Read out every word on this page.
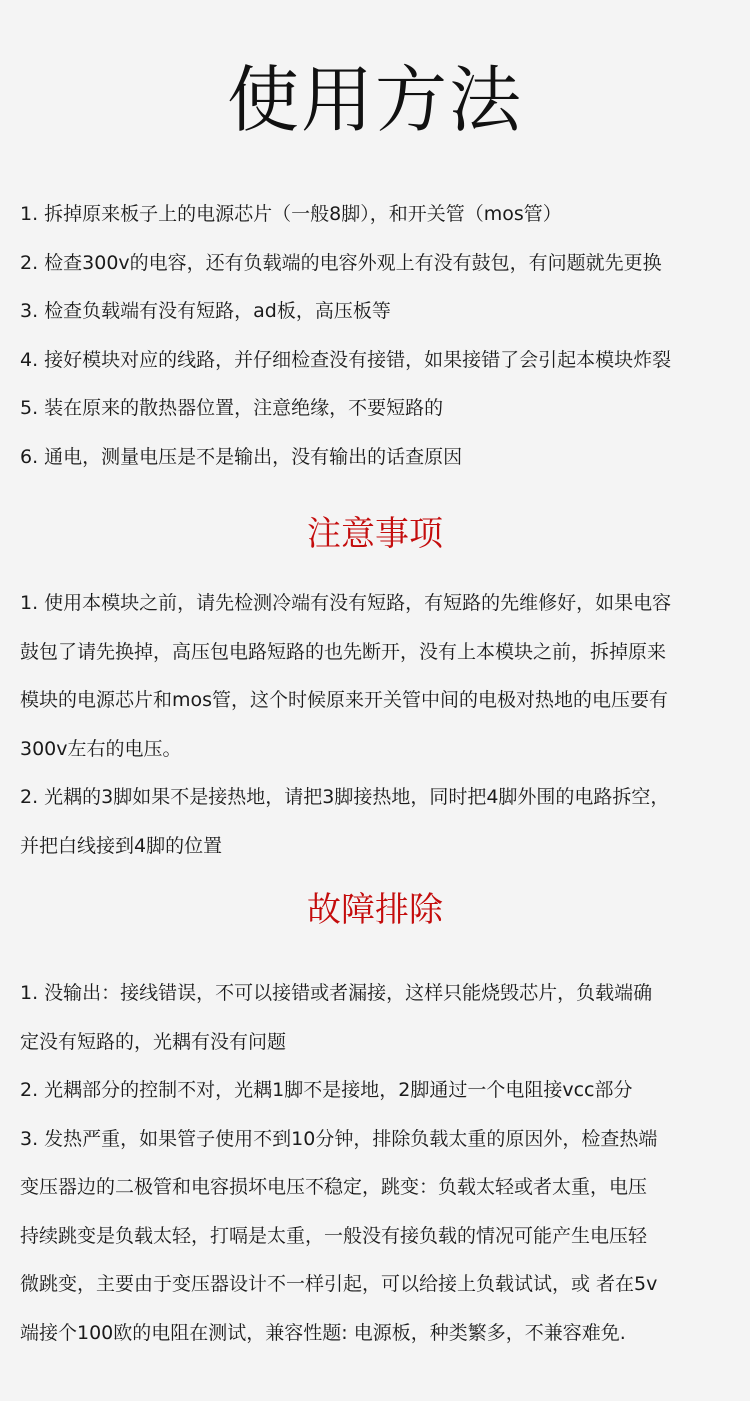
使用方法

1. 拆掉原来板子上的电源芯片（一般8脚），和开关管（mos管）

2. 检查300v的电容，还有负载端的电容外观上有没有鼓包，有问题就先更换

3. 检查负载端有没有短路，ad板，高压板等

4. 接好模块对应的线路，并仔细检查没有接错，如果接错了会引起本模块炸裂

5. 装在原来的散热器位置，注意绝缘，不要短路的

6. 通电，测量电压是不是输出，没有输出的话查原因

注意事项

1. 使用本模块之前，请先检测冷端有没有短路，有短路的先维修好，如果电容

鼓包了请先换掉，高压包电路短路的也先断开，没有上本模块之前，拆掉原来

模块的电源芯片和mos管，这个时候原来开关管中间的电极对热地的电压要有

300v左右的电压。

2. 光耦的3脚如果不是接热地，请把3脚接热地，同时把4脚外围的电路拆空，

并把白线接到4脚的位置

故障排除

1. 没输出：接线错误，不可以接错或者漏接，这样只能烧毁芯片，负载端确

定没有短路的，光耦有没有问题

2. 光耦部分的控制不对，光耦1脚不是接地，2脚通过一个电阻接vcc部分

3. 发热严重，如果管子使用不到10分钟，排除负载太重的原因外，检查热端

变压器边的二极管和电容损坏电压不稳定，跳变：负载太轻或者太重，电压

持续跳变是负载太轻，打嗝是太重，一般没有接负载的情况可能产生电压轻

微跳变，主要由于变压器设计不一样引起，可以给接上负载试试，或 者在5v

端接个100欧的电阻在测试，兼容性题: 电源板，种类繁多，不兼容难免.
